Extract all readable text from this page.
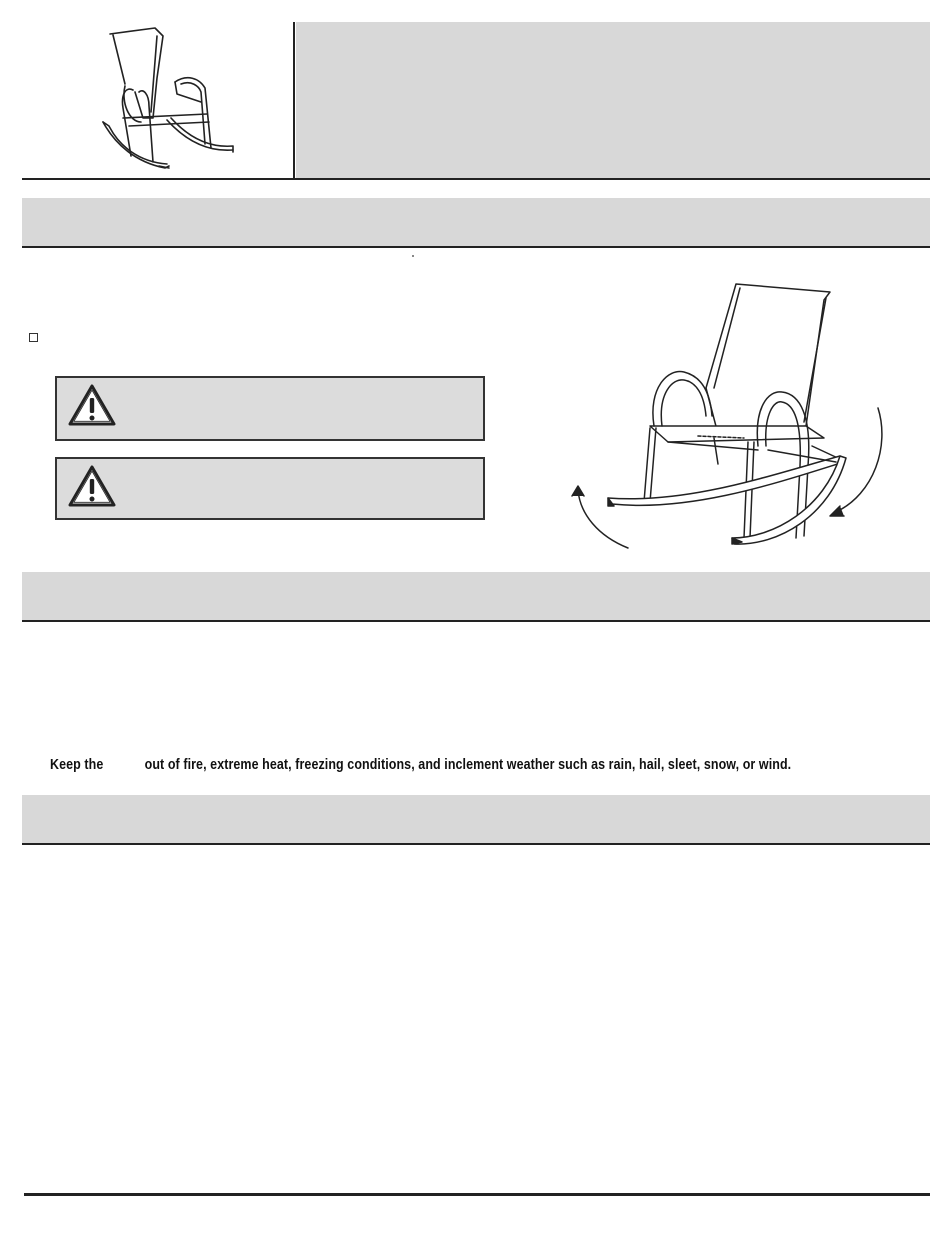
Keep the	out of fire, extreme heat, freezing conditions, and inclement weather such as rain, hail, sleet, snow, or wind.
